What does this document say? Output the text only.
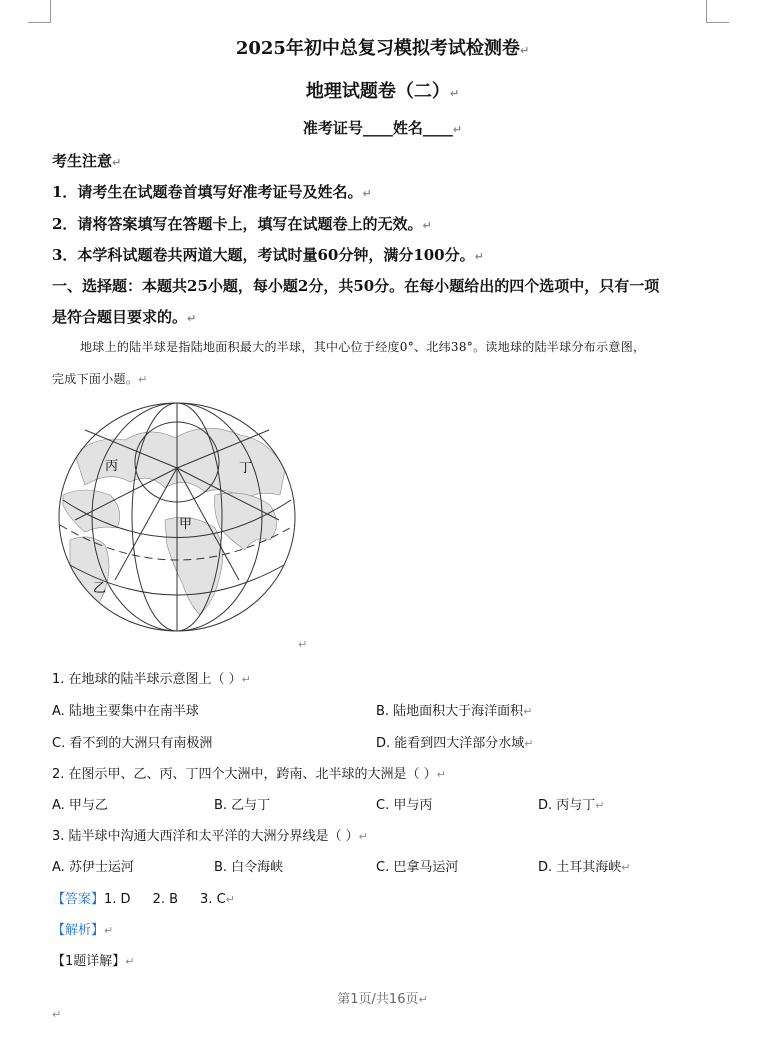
2025年初中总复习模拟考试检测卷↵
地理试题卷（二）↵
准考证号____姓名____↵
考生注意↵
1．请考生在试题卷首填写好准考证号及姓名。↵
2．请将答案填写在答题卡上，填写在试题卷上的无效。↵
3．本学科试题卷共两道大题，考试时量60分钟，满分100分。↵
一、选择题：本题共25小题，每小题2分，共50分。在每小题给出的四个选项中，只有一项
是符合题目要求的。↵
地球上的陆半球是指陆地面积最大的半球，其中心位于经度0°、北纬38°。读地球的陆半球分布示意图，
完成下面小题。↵
丙	丁
甲
乙
↵
1. 在地球的陆半球示意图上（ ）↵
A. 陆地主要集中在南半球	B. 陆地面积大于海洋面积↵
C. 看不到的大洲只有南极洲	D. 能看到四大洋部分水域↵
2. 在图示甲、乙、丙、丁四个大洲中，跨南、北半球的大洲是（ ）↵
A. 甲与乙	B. 乙与丁	C. 甲与丙	D. 丙与丁↵
3. 陆半球中沟通大西洋和太平洋的大洲分界线是（ ）↵
A. 苏伊士运河	B. 白令海峡	C. 巴拿马运河	D. 土耳其海峡↵
【答案】1. D 2. B 3. C↵
【解析】↵
【1题详解】↵
第1页/共16页↵
↵
